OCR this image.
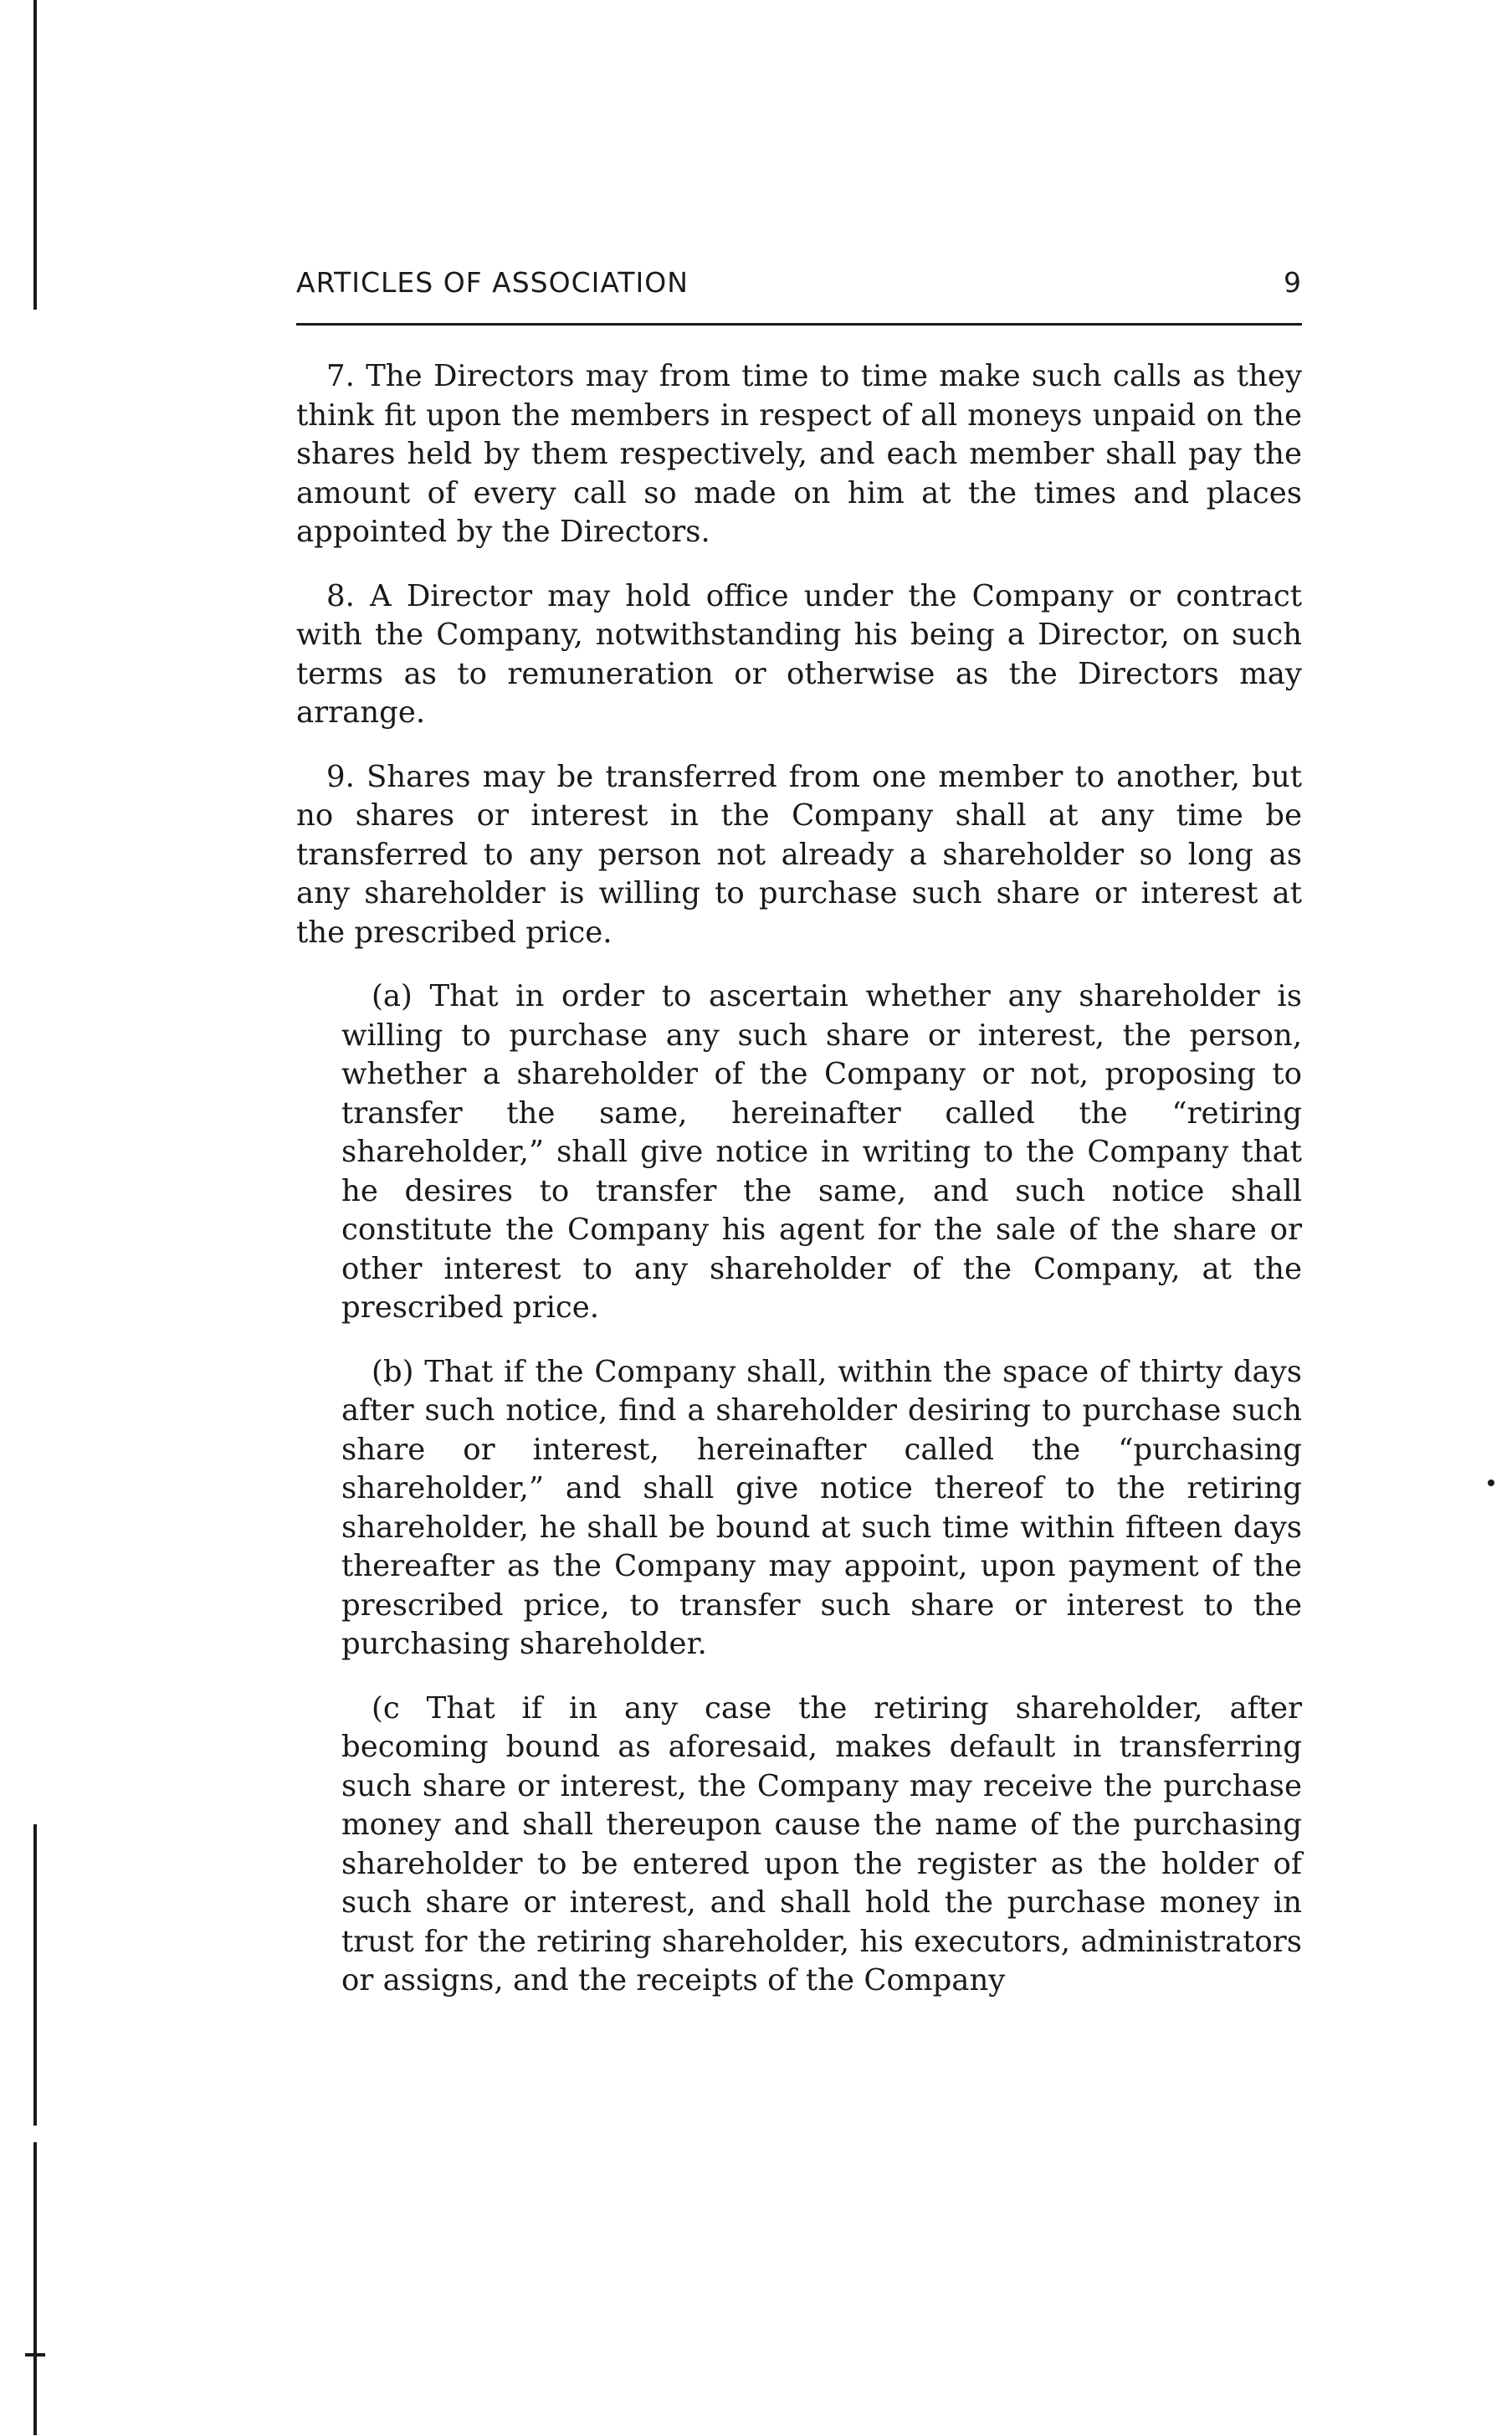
ARTICLES OF ASSOCIATION	9

7. The Directors may from time to time make such calls as they think fit upon the members in respect of all moneys unpaid on the shares held by them respectively, and each member shall pay the amount of every call so made on him at the times and places appointed by the Directors.

8. A Director may hold office under the Company or contract with the Company, notwithstanding his being a Director, on such terms as to remuneration or otherwise as the Directors may arrange.

9. Shares may be transferred from one member to another, but no shares or interest in the Company shall at any time be transferred to any person not already a shareholder so long as any shareholder is willing to purchase such share or interest at the prescribed price.

(a) That in order to ascertain whether any shareholder is willing to purchase any such share or interest, the person, whether a shareholder of the Company or not, proposing to transfer the same, hereinafter called the “retiring shareholder,” shall give notice in writing to the Company that he desires to transfer the same, and such notice shall constitute the Company his agent for the sale of the share or other interest to any shareholder of the Company, at the prescribed price.

(b) That if the Company shall, within the space of thirty days after such notice, find a shareholder desiring to purchase such share or interest, hereinafter called the “purchasing shareholder,” and shall give notice thereof to the retiring shareholder, he shall be bound at such time within fifteen days thereafter as the Company may appoint, upon payment of the prescribed price, to transfer such share or interest to the purchasing shareholder.

(c That if in any case the retiring shareholder, after becoming bound as aforesaid, makes default in transferring such share or interest, the Company may receive the purchase money and shall thereupon cause the name of the purchasing shareholder to be entered upon the register as the holder of such share or interest, and shall hold the purchase money in trust for the retiring shareholder, his executors, administrators or assigns, and the receipts of the Company
